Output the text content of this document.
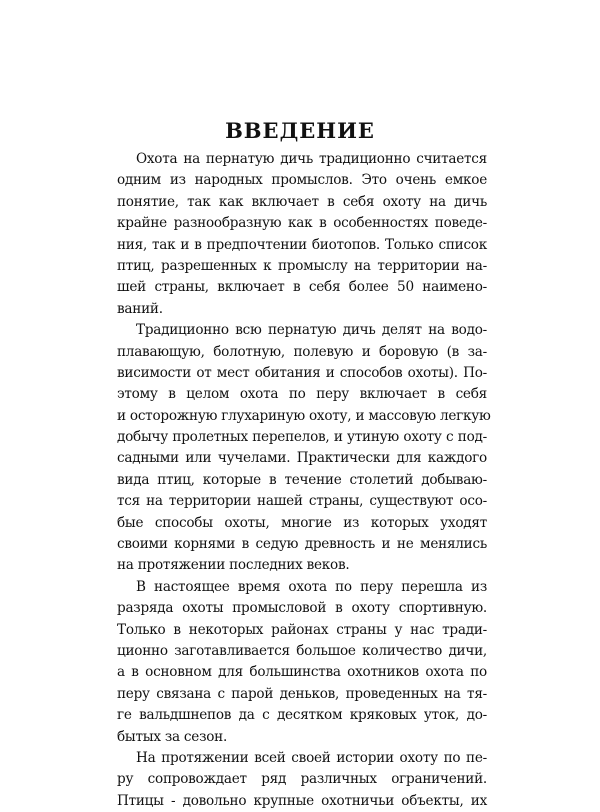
ВВЕДЕНИЕ
Охота на пернатую дичь традиционно считается
одним из народных промыслов. Это очень емкое
понятие, так как включает в себя охоту на дичь
крайне разнообразную как в особенностях поведе-
ния, так и в предпочтении биотопов. Только список
птиц, разрешенных к промыслу на территории на-
шей страны, включает в себя более 50 наимено-
ваний.
Традиционно всю пернатую дичь делят на водо-
плавающую, болотную, полевую и боровую (в за-
висимости от мест обитания и способов охоты). По-
этому в целом охота по перу включает в себя
и осторожную глухариную охоту, и массовую легкую
добычу пролетных перепелов, и утиную охоту с под-
садными или чучелами. Практически для каждого
вида птиц, которые в течение столетий добываю-
тся на территории нашей страны, существуют осо-
бые способы охоты, многие из которых уходят
своими корнями в седую древность и не менялись
на протяжении последних веков.
В настоящее время охота по перу перешла из
разряда охоты промысловой в охоту спортивную.
Только в некоторых районах страны у нас тради-
ционно заготавливается большое количество дичи,
а в основном для большинства охотников охота по
перу связана с парой деньков, проведенных на тя-
ге вальдшнепов да с десятком кряковых уток, до-
бытых за сезон.
На протяжении всей своей истории охоту по пе-
ру сопровождает ряд различных ограничений.
Птицы - довольно крупные охотничьи объекты, их
